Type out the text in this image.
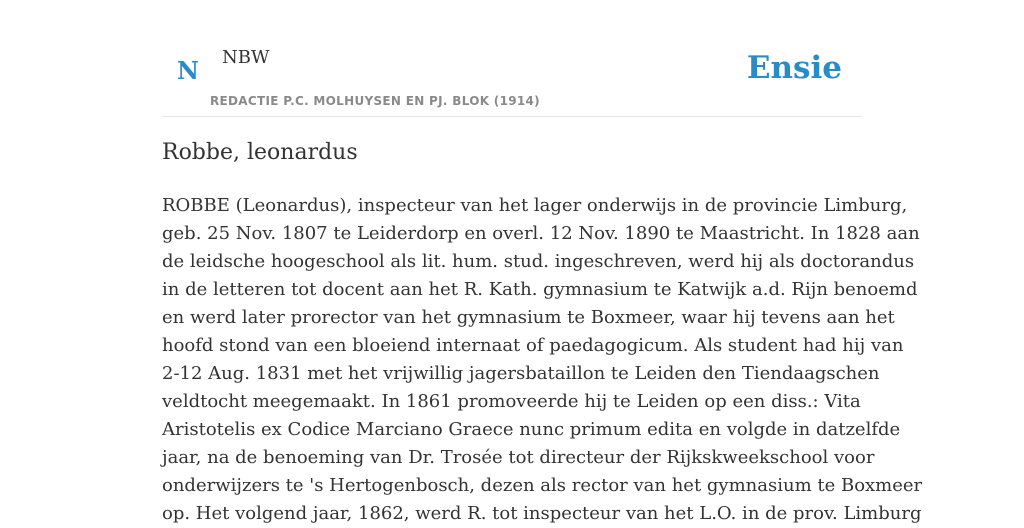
N NBW
REDACTIE P.C. MOLHUYSEN EN PJ. BLOK (1914)
Ensie
Robbe, leonardus

ROBBE (Leonardus), inspecteur van het lager onderwijs in de provincie Limburg,
geb. 25 Nov. 1807 te Leiderdorp en overl. 12 Nov. 1890 te Maastricht. In 1828 aan
de leidsche hoogeschool als lit. hum. stud. ingeschreven, werd hij als doctorandus
in de letteren tot docent aan het R. Kath. gymnasium te Katwijk a.d. Rijn benoemd
en werd later prorector van het gymnasium te Boxmeer, waar hij tevens aan het
hoofd stond van een bloeiend internaat of paedagogicum. Als student had hij van
2-12 Aug. 1831 met het vrijwillig jagersbataillon te Leiden den Tiendaagschen
veldtocht meegemaakt. In 1861 promoveerde hij te Leiden op een diss.: Vita
Aristotelis ex Codice Marciano Graece nunc primum edita en volgde in datzelfde
jaar, na de benoeming van Dr. Trosée tot directeur der Rijkskweekschool voor
onderwijzers te 's Hertogenbosch, dezen als rector van het gymnasium te Boxmeer
op. Het volgend jaar, 1862, werd R. tot inspecteur van het L.O. in de prov. Limburg
